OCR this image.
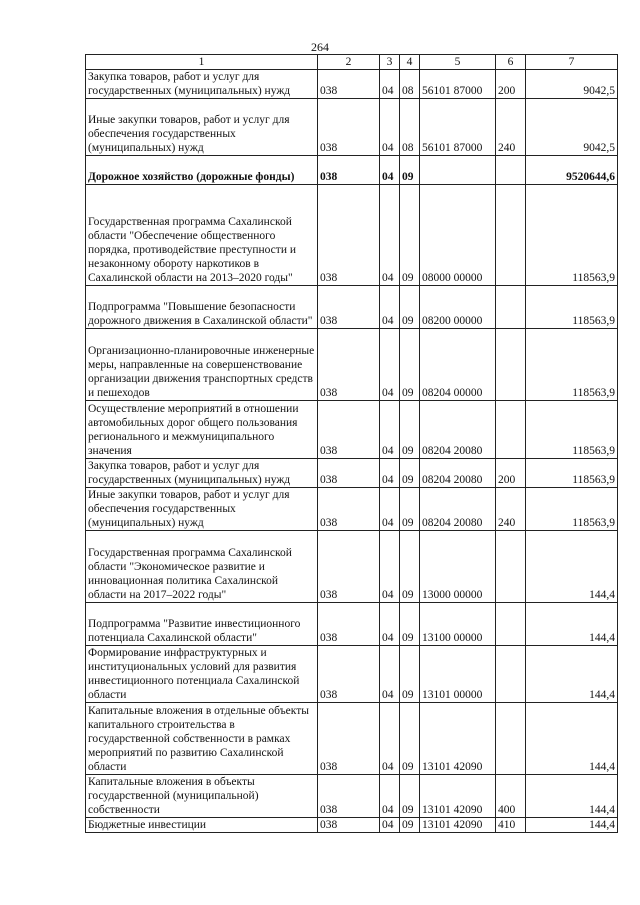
264
1	2	3	4	5	6	7
Закупка товаров, работ и услуг для государственных (муниципальных) нужд	038	04	08	56101 87000	200	9042,5
Иные закупки товаров, работ и услуг для обеспечения государственных (муниципальных) нужд	038	04	08	56101 87000	240	9042,5
Дорожное хозяйство (дорожные фонды)	038	04	09			9520644,6
Государственная программа Сахалинской области "Обеспечение общественного порядка, противодействие преступности и незаконному обороту наркотиков в Сахалинской области на 2013–2020 годы"	038	04	09	08000 00000		118563,9
Подпрограмма "Повышение безопасности дорожного движения в Сахалинской области"	038	04	09	08200 00000		118563,9
Организационно-планировочные инженерные меры, направленные на совершенствование организации движения транспортных средств и пешеходов	038	04	09	08204 00000		118563,9
Осуществление мероприятий в отношении автомобильных дорог общего пользования регионального и межмуниципального значения	038	04	09	08204 20080		118563,9
Закупка товаров, работ и услуг для государственных (муниципальных) нужд	038	04	09	08204 20080	200	118563,9
Иные закупки товаров, работ и услуг для обеспечения государственных (муниципальных) нужд	038	04	09	08204 20080	240	118563,9
Государственная программа Сахалинской области "Экономическое развитие и инновационная политика Сахалинской области на 2017–2022 годы"	038	04	09	13000 00000		144,4
Подпрограмма "Развитие инвестиционного потенциала Сахалинской области"	038	04	09	13100 00000		144,4
Формирование инфраструктурных и институциональных условий для развития инвестиционного потенциала Сахалинской области	038	04	09	13101 00000		144,4
Капитальные вложения в отдельные объекты капитального строительства в государственной собственности в рамках мероприятий по развитию Сахалинской области	038	04	09	13101 42090		144,4
Капитальные вложения в объекты государственной (муниципальной) собственности	038	04	09	13101 42090	400	144,4
Бюджетные инвестиции	038	04	09	13101 42090	410	144,4
